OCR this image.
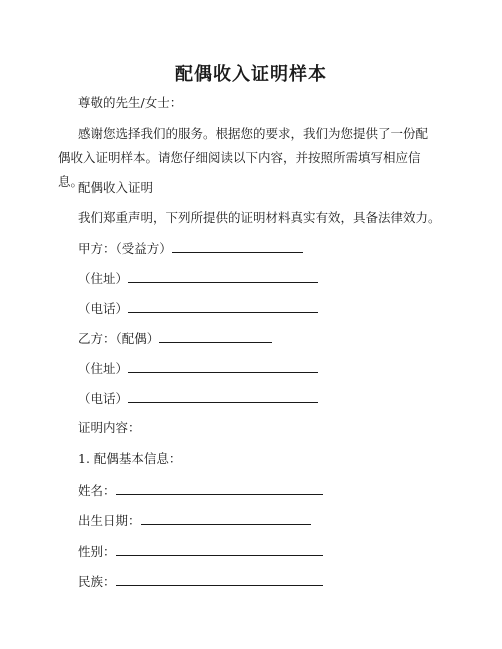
配偶收入证明样本
尊敬的先生/女士：
感谢您选择我们的服务。根据您的要求，我们为您提供了一份配偶收入证明样本。请您仔细阅读以下内容，并按照所需填写相应信息。
配偶收入证明
我们郑重声明，下列所提供的证明材料真实有效，具备法律效力。
甲方：（受益方）
（住址）
（电话）
乙方：（配偶）
（住址）
（电话）
证明内容：
1. 配偶基本信息：
姓名：
出生日期：
性别：
民族：
